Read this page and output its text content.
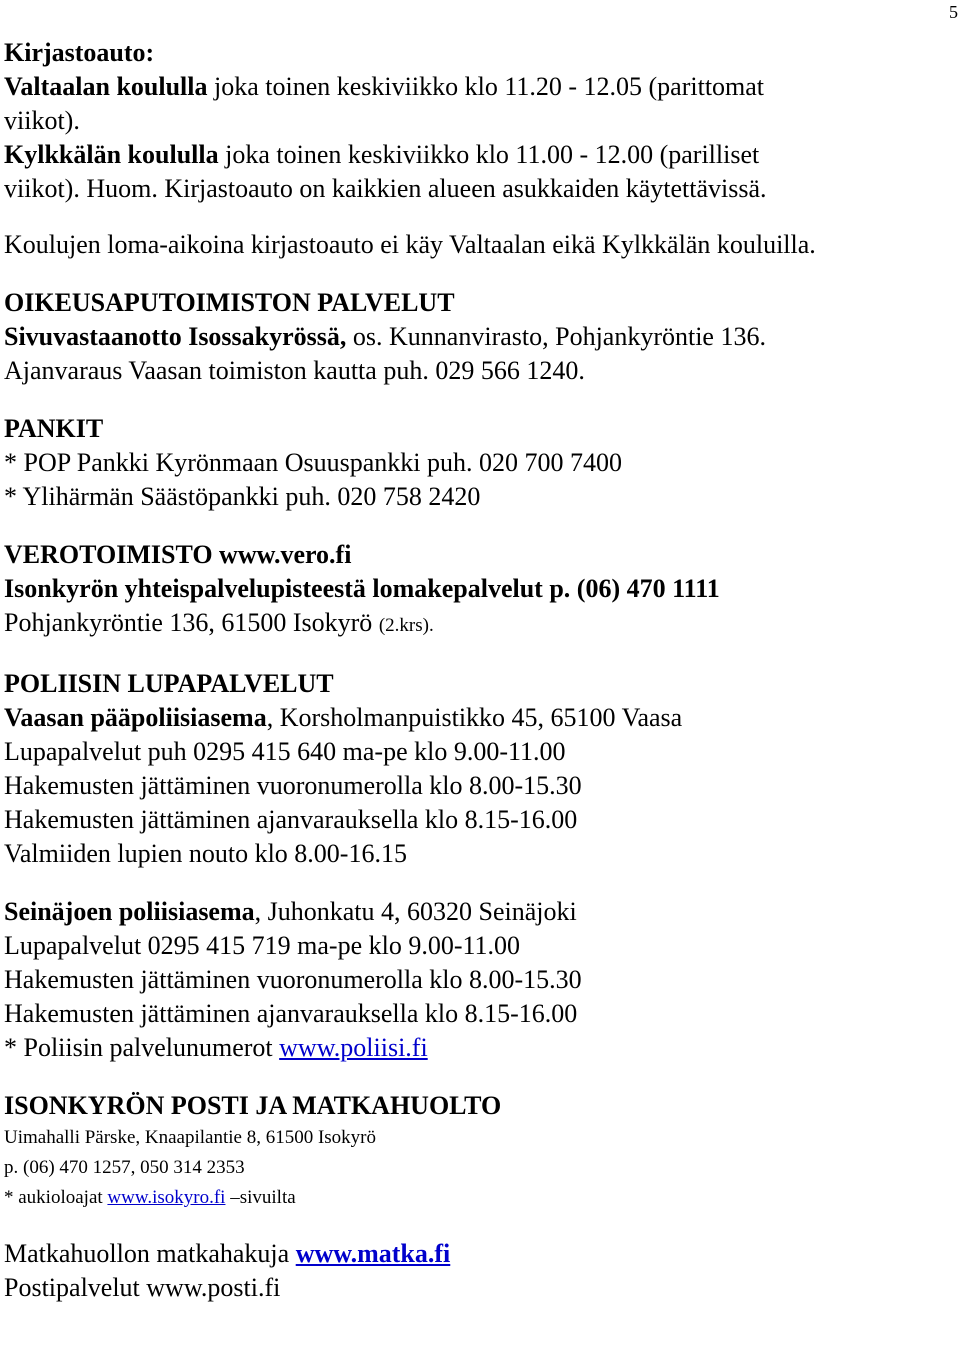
5
Kirjastoauto:
Valtaalan koululla joka toinen keskiviikko klo 11.20 - 12.05 (parittomat
viikot).
Kylkkälän koululla joka toinen keskiviikko klo 11.00 - 12.00 (parilliset
viikot). Huom. Kirjastoauto on kaikkien alueen asukkaiden käytettävissä.
Koulujen loma-aikoina kirjastoauto ei käy Valtaalan eikä Kylkkälän kouluilla.
OIKEUSAPUTOIMISTON PALVELUT
Sivuvastaanotto Isossakyrössä, os. Kunnanvirasto, Pohjankyröntie 136.
Ajanvaraus Vaasan toimiston kautta puh. 029 566 1240.
PANKIT
* POP Pankki Kyrönmaan Osuuspankki puh. 020 700 7400
* Ylihärmän Säästöpankki puh. 020 758 2420
VEROTOIMISTO www.vero.fi
Isonkyrön yhteispalvelupisteestä lomakepalvelut p. (06) 470 1111
Pohjankyröntie 136, 61500 Isokyrö (2.krs).
POLIISIN LUPAPALVELUT
Vaasan pääpoliisiasema, Korsholmanpuistikko 45, 65100 Vaasa
Lupapalvelut puh 0295 415 640 ma-pe klo 9.00-11.00
Hakemusten jättäminen vuoronumerolla klo 8.00-15.30
Hakemusten jättäminen ajanvarauksella klo 8.15-16.00
Valmiiden lupien nouto klo 8.00-16.15
Seinäjoen poliisiasema, Juhonkatu 4, 60320 Seinäjoki
Lupapalvelut 0295 415 719 ma-pe klo 9.00-11.00
Hakemusten jättäminen vuoronumerolla klo 8.00-15.30
Hakemusten jättäminen ajanvarauksella klo 8.15-16.00
* Poliisin palvelunumerot www.poliisi.fi
ISONKYRÖN POSTI JA MATKAHUOLTO
Uimahalli Pärske, Knaapilantie 8, 61500 Isokyrö
p. (06) 470 1257, 050 314 2353
* aukioloajat www.isokyro.fi –sivuilta
Matkahuollon matkahakuja www.matka.fi
Postipalvelut www.posti.fi
